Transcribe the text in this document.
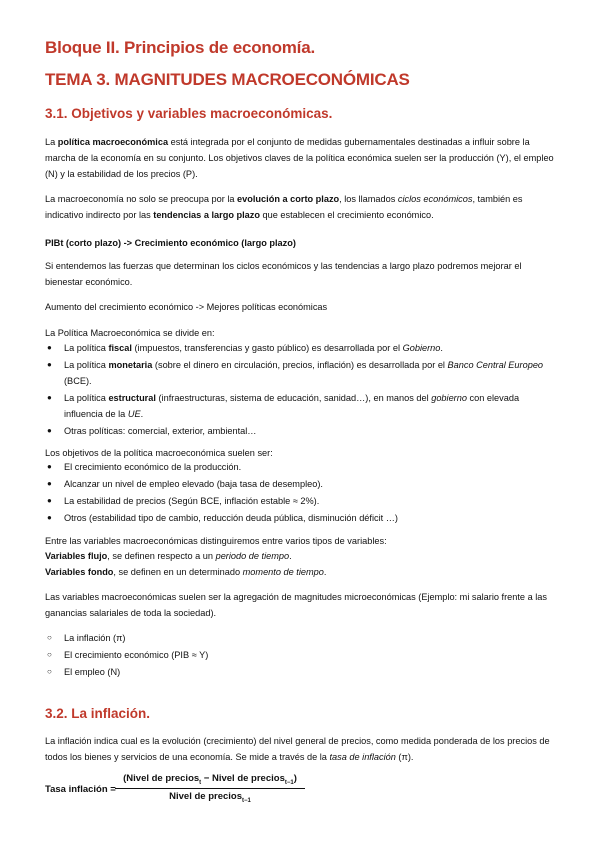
Bloque II. Principios de economía.
TEMA 3. MAGNITUDES MACROECONÓMICAS
3.1. Objetivos y variables macroeconómicas.
La política macroeconómica está integrada por el conjunto de medidas gubernamentales destinadas a influir sobre la marcha de la economía en su conjunto. Los objetivos claves de la política económica suelen ser la producción (Y), el empleo (N) y la estabilidad de los precios (P).
La macroeconomía no solo se preocupa por la evolución a corto plazo, los llamados ciclos económicos, también es indicativo indirecto por las tendencias a largo plazo que establecen el crecimiento económico.
PIBt (corto plazo) -> Crecimiento económico (largo plazo)
Si entendemos las fuerzas que determinan los ciclos económicos y las tendencias a largo plazo podremos mejorar el bienestar económico.
Aumento del crecimiento económico -> Mejores políticas económicas
La Política Macroeconómica se divide en:
● La política fiscal (impuestos, transferencias y gasto público) es desarrollada por el Gobierno.
● La política monetaria (sobre el dinero en circulación, precios, inflación) es desarrollada por el Banco Central Europeo (BCE).
● La política estructural (infraestructuras, sistema de educación, sanidad…), en manos del gobierno con elevada influencia de la UE.
● Otras políticas: comercial, exterior, ambiental…
Los objetivos de la política macroeconómica suelen ser:
● El crecimiento económico de la producción.
● Alcanzar un nivel de empleo elevado (baja tasa de desempleo).
● La estabilidad de precios (Según BCE, inflación estable ≈ 2%).
● Otros (estabilidad tipo de cambio, reducción deuda pública, disminución déficit …)
Entre las variables macroeconómicas distinguiremos entre varios tipos de variables:
Variables flujo, se definen respecto a un periodo de tiempo.
Variables fondo, se definen en un determinado momento de tiempo.
Las variables macroeconómicas suelen ser la agregación de magnitudes microeconómicas (Ejemplo: mi salario frente a las ganancias salariales de toda la sociedad).
○ La inflación (π)
○ El crecimiento económico (PIB ≈ Y)
○ El empleo (N)
3.2. La inflación.
La inflación indica cual es la evolución (crecimiento) del nivel general de precios, como medida ponderada de los precios de todos los bienes y servicios de una economía. Se mide a través de la tasa de inflación (π).
Tasa inflación =
(Nivel de precios$_t$ − Nivel de precios$_{t-1}$)
Nivel de precios$_{t-1}$
